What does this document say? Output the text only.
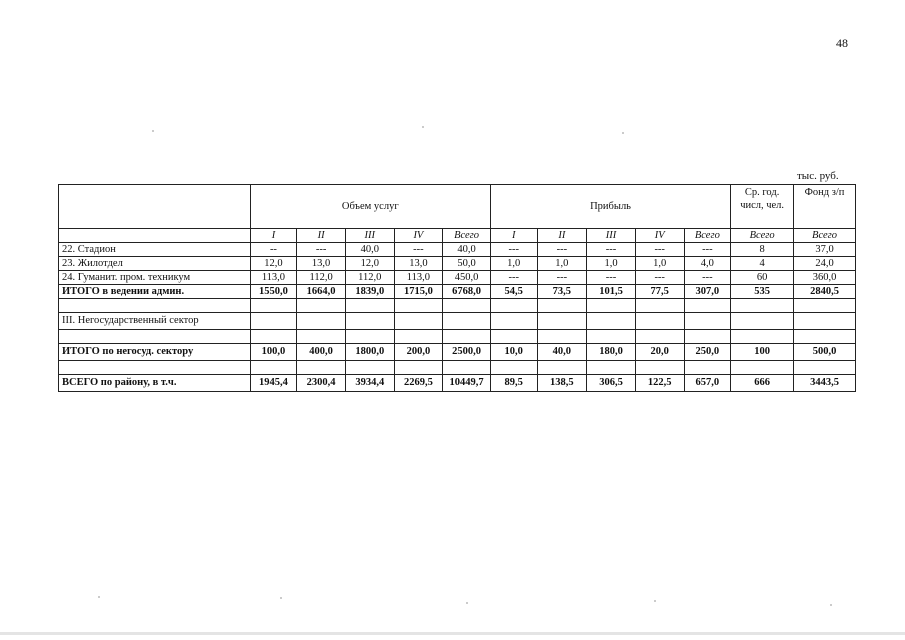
48
тыс. руб.
	Объем услуг					Прибыль					Ср. год. числ, чел.	Фонд з/п
	I	II	III	IV	Всего	I	II	III	IV	Всего	Всего	Всего
22. Стадион	--	---	40,0	---	40,0	---	---	---	---	---	8	37,0
23. Жилотдел	12,0	13,0	12,0	13,0	50,0	1,0	1,0	1,0	1,0	4,0	4	24,0
24. Гуманит. пром. техникум	113,0	112,0	112,0	113,0	450,0	---	---	---	---	---	60	360,0
ИТОГО в ведении админ.	1550,0	1664,0	1839,0	1715,0	6768,0	54,5	73,5	101,5	77,5	307,0	535	2840,5

III. Негосударственный сектор												

ИТОГО по негосуд. сектору	100,0	400,0	1800,0	200,0	2500,0	10,0	40,0	180,0	20,0	250,0	100	500,0

ВСЕГО по району, в т.ч.	1945,4	2300,4	3934,4	2269,5	10449,7	89,5	138,5	306,5	122,5	657,0	666	3443,5
